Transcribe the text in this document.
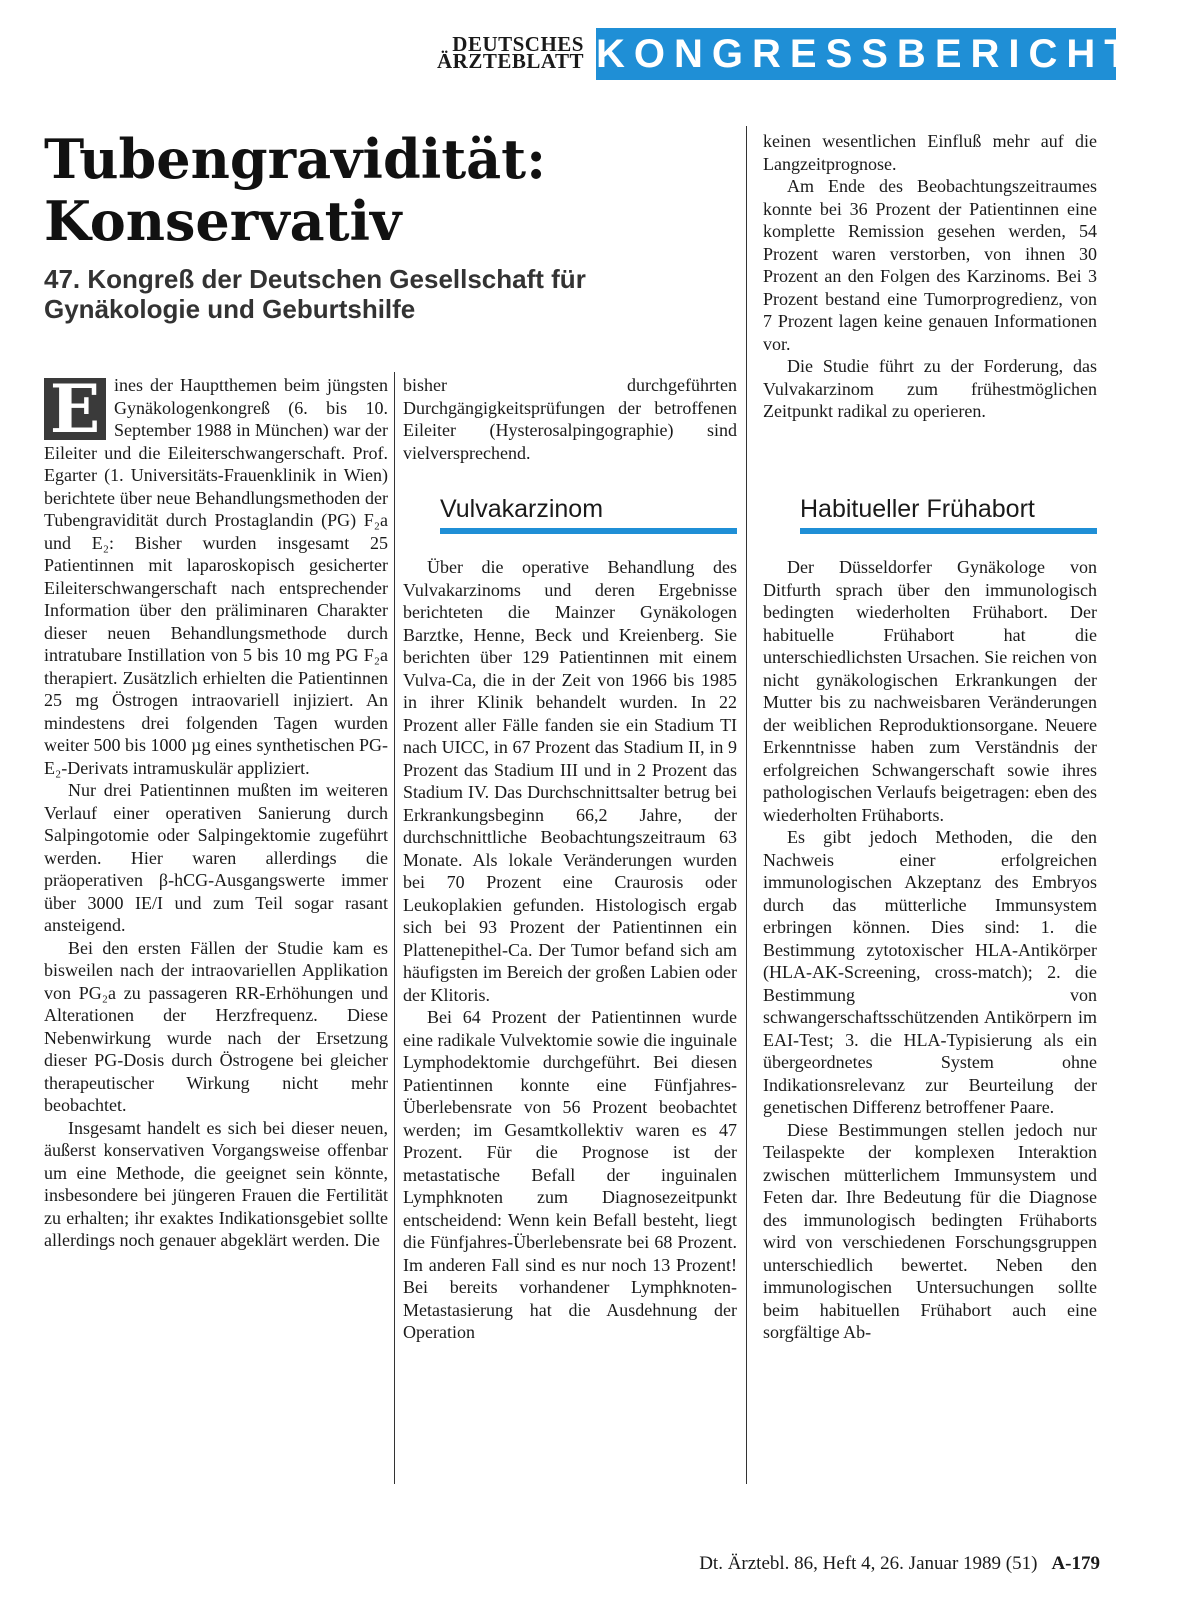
DEUTSCHES
ÄRZTEBLATT KONGRESSBERICHT
Tubengravidität:
Konservativ
47. Kongreß der Deutschen Gesellschaft für
Gynäkologie und Geburtshilfe
E ines der Hauptthemen beim jüngsten Gynäkologenkongreß (6. bis 10. September 1988 in München) war der Eileiter und die Eileiterschwangerschaft. Prof. Egarter (1. Universitäts-Frauenklinik in Wien) berichtete über neue Behandlungsmethoden der Tubengravidität durch Prostaglandin (PG) F₂a und E₂: Bisher wurden insgesamt 25 Patientinnen mit laparoskopisch gesicherter Eileiterschwangerschaft nach entsprechender Information über den präliminaren Charakter dieser neuen Behandlungsmethode durch intratubare Instillation von 5 bis 10 mg PG F₂a therapiert. Zusätzlich erhielten die Patientinnen 25 mg Östrogen intraovariell injiziert. An mindestens drei folgenden Tagen wurden weiter 500 bis 1000 µg eines synthetischen PG-E₂-Derivats intramuskulär appliziert.

Nur drei Patientinnen mußten im weiteren Verlauf einer operativen Sanierung durch Salpingotomie oder Salpingektomie zugeführt werden. Hier waren allerdings die präoperativen β-hCG-Ausgangswerte immer über 3000 IE/I und zum Teil sogar rasant ansteigend.

Bei den ersten Fällen der Studie kam es bisweilen nach der intraovariellen Applikation von PG₂a zu passageren RR-Erhöhungen und Alterationen der Herzfrequenz. Diese Nebenwirkung wurde nach der Ersetzung dieser PG-Dosis durch Östrogene bei gleicher therapeutischer Wirkung nicht mehr beobachtet.

Insgesamt handelt es sich bei dieser neuen, äußerst konservativen Vorgangsweise offenbar um eine Methode, die geeignet sein könnte, insbesondere bei jüngeren Frauen die Fertilität zu erhalten; ihr exaktes Indikationsgebiet sollte allerdings noch genauer abgeklärt werden. Die

bisher durchgeführten Durchgängigkeitsprüfungen der betroffenen Eileiter (Hysterosalpingographie) sind vielversprechend.

Vulvakarzinom

Über die operative Behandlung des Vulvakarzinoms und deren Ergebnisse berichteten die Mainzer Gynäkologen Barztke, Henne, Beck und Kreienberg. Sie berichten über 129 Patientinnen mit einem Vulva-Ca, die in der Zeit von 1966 bis 1985 in ihrer Klinik behandelt wurden. In 22 Prozent aller Fälle fanden sie ein Stadium TI nach UICC, in 67 Prozent das Stadium II, in 9 Prozent das Stadium III und in 2 Prozent das Stadium IV. Das Durchschnittsalter betrug bei Erkrankungsbeginn 66,2 Jahre, der durchschnittliche Beobachtungszeitraum 63 Monate. Als lokale Veränderungen wurden bei 70 Prozent eine Craurosis oder Leukoplakien gefunden. Histologisch ergab sich bei 93 Prozent der Patientinnen ein Plattenepithel-Ca. Der Tumor befand sich am häufigsten im Bereich der großen Labien oder der Klitoris.

Bei 64 Prozent der Patientinnen wurde eine radikale Vulvektomie sowie die inguinale Lymphodektomie durchgeführt. Bei diesen Patientinnen konnte eine Fünfjahres-Überlebensrate von 56 Prozent beobachtet werden; im Gesamtkollektiv waren es 47 Prozent. Für die Prognose ist der metastatische Befall der inguinalen Lymphknoten zum Diagnosezeitpunkt entscheidend: Wenn kein Befall besteht, liegt die Fünfjahres-Überlebensrate bei 68 Prozent. Im anderen Fall sind es nur noch 13 Prozent! Bei bereits vorhandener Lymphknoten-Metastasierung hat die Ausdehnung der Operation

keinen wesentlichen Einfluß mehr auf die Langzeitprognose.

Am Ende des Beobachtungszeitraumes konnte bei 36 Prozent der Patientinnen eine komplette Remission gesehen werden, 54 Prozent waren verstorben, von ihnen 30 Prozent an den Folgen des Karzinoms. Bei 3 Prozent bestand eine Tumorprogredienz, von 7 Prozent lagen keine genauen Informationen vor.

Die Studie führt zu der Forderung, das Vulvakarzinom zum frühestmöglichen Zeitpunkt radikal zu operieren.

Habitueller Frühabort

Der Düsseldorfer Gynäkologe von Ditfurth sprach über den immunologisch bedingten wiederholten Frühabort. Der habituelle Frühabort hat die unterschiedlichsten Ursachen. Sie reichen von nicht gynäkologischen Erkrankungen der Mutter bis zu nachweisbaren Veränderungen der weiblichen Reproduktionsorgane. Neuere Erkenntnisse haben zum Verständnis der erfolgreichen Schwangerschaft sowie ihres pathologischen Verlaufs beigetragen: eben des wiederholten Frühaborts.

Es gibt jedoch Methoden, die den Nachweis einer erfolgreichen immunologischen Akzeptanz des Embryos durch das mütterliche Immunsystem erbringen können. Dies sind: 1. die Bestimmung zytotoxischer HLA-Antikörper (HLA-AK-Screening, cross-match); 2. die Bestimmung von schwangerschaftsschützenden Antikörpern im EAI-Test; 3. die HLA-Typisierung als ein übergeordnetes System ohne Indikationsrelevanz zur Beurteilung der genetischen Differenz betroffener Paare.

Diese Bestimmungen stellen jedoch nur Teilaspekte der komplexen Interaktion zwischen mütterlichem Immunsystem und Feten dar. Ihre Bedeutung für die Diagnose des immunologisch bedingten Frühaborts wird von verschiedenen Forschungsgruppen unterschiedlich bewertet. Neben den immunologischen Untersuchungen sollte beim habituellen Frühabort auch eine sorgfältige Ab-

Dt. Ärztebl. 86, Heft 4, 26. Januar 1989 (51) A-179
